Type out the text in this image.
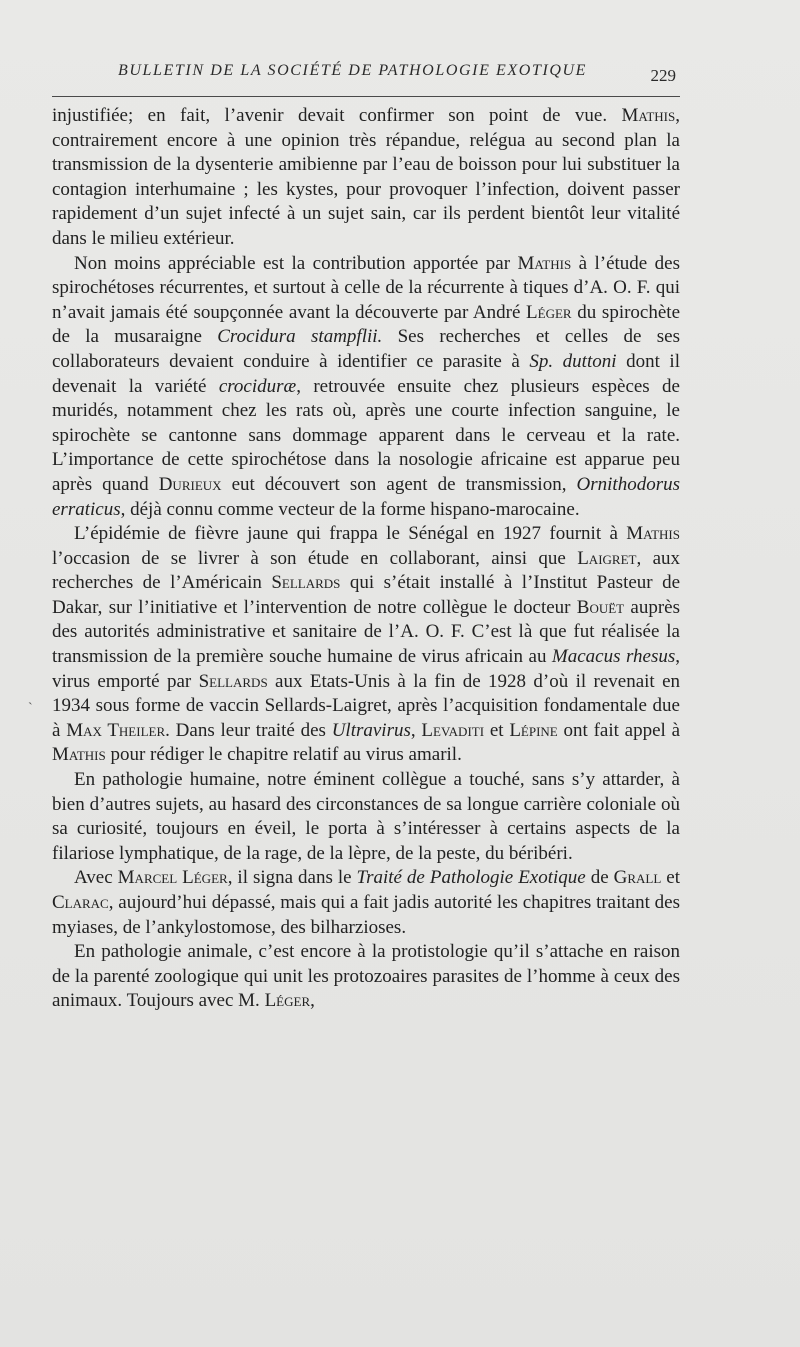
BULLETIN DE LA SOCIÉTÉ DE PATHOLOGIE EXOTIQUE	229
`

injustifiée; en fait, l’avenir devait confirmer son point de vue. Mathis, contrairement encore à une opinion très répandue, relégua au second plan la transmission de la dysenterie amibienne par l’eau de boisson pour lui substituer la contagion interhumaine ; les kystes, pour provoquer l’infection, doivent passer rapidement d’un sujet infecté à un sujet sain, car ils perdent bientôt leur vitalité dans le milieu extérieur.

Non moins appréciable est la contribution apportée par Mathis à l’étude des spirochétoses récurrentes, et surtout à celle de la récurrente à tiques d’A. O. F. qui n’avait jamais été soupçonnée avant la découverte par André Léger du spirochète de la musaraigne Crocidura stampflii. Ses recherches et celles de ses collaborateurs devaient conduire à identifier ce parasite à Sp. duttoni dont il devenait la variété crociduræ, retrouvée ensuite chez plusieurs espèces de muridés, notamment chez les rats où, après une courte infection sanguine, le spirochète se cantonne sans dommage apparent dans le cerveau et la rate. L’importance de cette spirochétose dans la nosologie africaine est apparue peu après quand Durieux eut découvert son agent de transmission, Ornithodorus erraticus, déjà connu comme vecteur de la forme hispano-marocaine.

L’épidémie de fièvre jaune qui frappa le Sénégal en 1927 fournit à Mathis l’occasion de se livrer à son étude en collaborant, ainsi que Laigret, aux recherches de l’Américain Sellards qui s’était installé à l’Institut Pasteur de Dakar, sur l’initiative et l’intervention de notre collègue le docteur Bouët auprès des autorités administrative et sanitaire de l’A. O. F. C’est là que fut réalisée la transmission de la première souche humaine de virus africain au Macacus rhesus, virus emporté par Sellards aux Etats-Unis à la fin de 1928 d’où il revenait en 1934 sous forme de vaccin Sellards-Laigret, après l’acquisition fondamentale due à Max Theiler. Dans leur traité des Ultravirus, Levaditi et Lépine ont fait appel à Mathis pour rédiger le chapitre relatif au virus amaril.

En pathologie humaine, notre éminent collègue a touché, sans s’y attarder, à bien d’autres sujets, au hasard des circonstances de sa longue carrière coloniale où sa curiosité, toujours en éveil, le porta à s’intéresser à certains aspects de la filariose lymphatique, de la rage, de la lèpre, de la peste, du béribéri.

Avec Marcel Léger, il signa dans le Traité de Pathologie Exotique de Grall et Clarac, aujourd’hui dépassé, mais qui a fait jadis autorité les chapitres traitant des myiases, de l’ankylostomose, des bilharzioses.

En pathologie animale, c’est encore à la protistologie qu’il s’attache en raison de la parenté zoologique qui unit les protozoaires parasites de l’homme à ceux des animaux. Toujours avec M. Léger,
